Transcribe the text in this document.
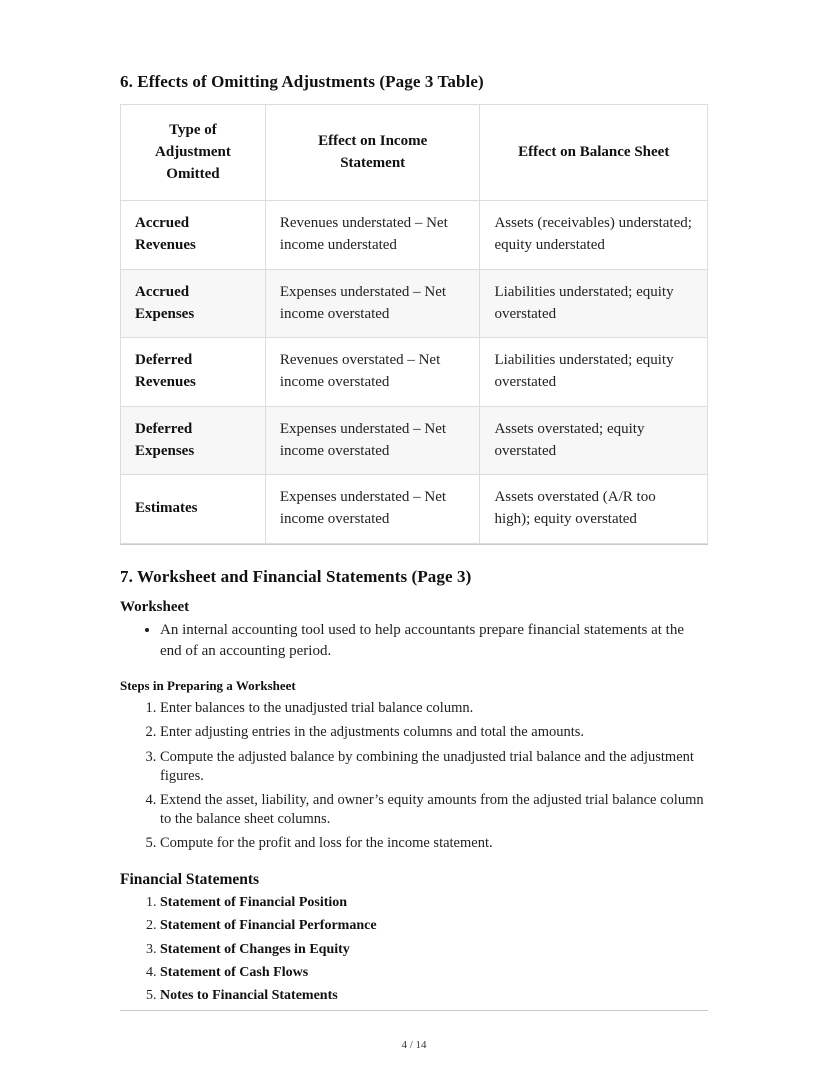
6. Effects of Omitting Adjustments (Page 3 Table)
Type of Adjustment Omitted	Effect on Income Statement	Effect on Balance Sheet
Accrued Revenues	Revenues understated – Net income understated	Assets (receivables) understated; equity understated
Accrued Expenses	Expenses understated – Net income overstated	Liabilities understated; equity overstated
Deferred Revenues	Revenues overstated – Net income overstated	Liabilities understated; equity overstated
Deferred Expenses	Expenses understated – Net income overstated	Assets overstated; equity overstated
Estimates	Expenses understated – Net income overstated	Assets overstated (A/R too high); equity overstated
7. Worksheet and Financial Statements (Page 3)
Worksheet
• An internal accounting tool used to help accountants prepare financial statements at the end of an accounting period.
Steps in Preparing a Worksheet
1. Enter balances to the unadjusted trial balance column.
2. Enter adjusting entries in the adjustments columns and total the amounts.
3. Compute the adjusted balance by combining the unadjusted trial balance and the adjustment figures.
4. Extend the asset, liability, and owner’s equity amounts from the adjusted trial balance column to the balance sheet columns.
5. Compute for the profit and loss for the income statement.
Financial Statements
1. Statement of Financial Position
2. Statement of Financial Performance
3. Statement of Changes in Equity
4. Statement of Cash Flows
5. Notes to Financial Statements
4 / 14
